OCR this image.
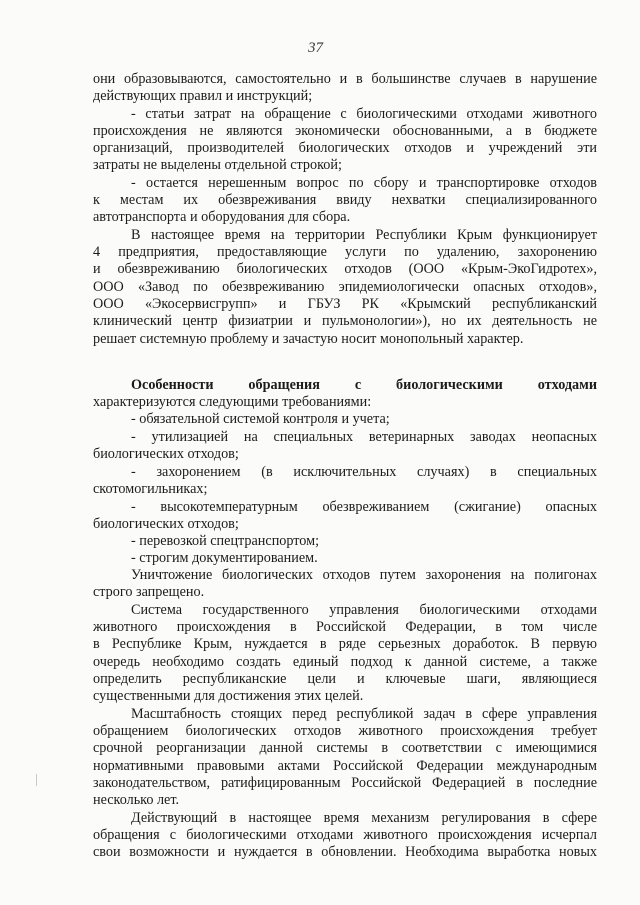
37
они образовываются, самостоятельно и в большинстве случаев в нарушение
действующих правил и инструкций;
- статьи затрат на обращение с биологическими отходами животного
происхождения не являются экономически обоснованными, а в бюджете
организаций, производителей биологических отходов и учреждений эти
затраты не выделены отдельной строкой;
- остается нерешенным вопрос по сбору и транспортировке отходов
к местам их обезвреживания ввиду нехватки специализированного
автотранспорта и оборудования для сбора.
В настоящее время на территории Республики Крым функционирует
4 предприятия, предоставляющие услуги по удалению, захоронению
и обезвреживанию биологических отходов (ООО «Крым-ЭкоГидротех»,
ООО «Завод по обезвреживанию эпидемиологически опасных отходов»,
ООО «Экосервисгрупп» и ГБУЗ РК «Крымский республиканский
клинический центр физиатрии и пульмонологии»), но их деятельность не
решает системную проблему и зачастую носит монопольный характер.
Особенности обращения с биологическими отходами
характеризуются следующими требованиями:
- обязательной системой контроля и учета;
- утилизацией на специальных ветеринарных заводах неопасных
биологических отходов;
- захоронением (в исключительных случаях) в специальных
скотомогильниках;
- высокотемпературным обезвреживанием (сжигание) опасных
биологических отходов;
- перевозкой спецтранспортом;
- строгим документированием.
Уничтожение биологических отходов путем захоронения на полигонах
строго запрещено.
Система государственного управления биологическими отходами
животного происхождения в Российской Федерации, в том числе
в Республике Крым, нуждается в ряде серьезных доработок. В первую
очередь необходимо создать единый подход к данной системе, а также
определить республиканские цели и ключевые шаги, являющиеся
существенными для достижения этих целей.
Масштабность стоящих перед республикой задач в сфере управления
обращением биологических отходов животного происхождения требует
срочной реорганизации данной системы в соответствии с имеющимися
нормативными правовыми актами Российской Федерации международным
законодательством, ратифицированным Российской Федерацией в последние
несколько лет.
Действующий в настоящее время механизм регулирования в сфере
обращения с биологическими отходами животного происхождения исчерпал
свои возможности и нуждается в обновлении. Необходима выработка новых
